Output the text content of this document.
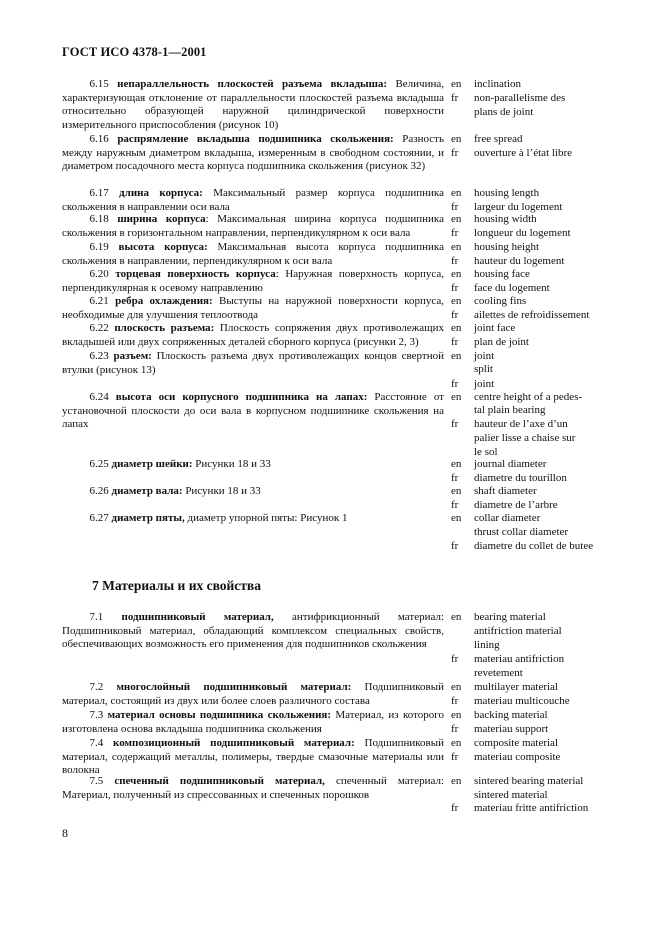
ГОСТ ИСО 4378-1—2001
7 Материалы и их свойства
   6.15 непараллельность плоскостей разъема вкладыша: Величина, характеризующая отклонение от параллельности плоскостей разъема вкладыша относительно образующей наружной цилиндрической поверхности измерительного приспособления (рисунок 10)
en	inclination
fr	non-parallelisme des
plans de joint
   6.16 распрямление вкладыша подшипника скольжения: Разность между наружным диаметром вкладыша, измеренным в свободном состоянии, и диаметром посадочного места корпуса подшипника скольжения (рисунок 32)
en	free spread
fr	ouverture à l’état libre
   6.17 длина корпуса: Максимальный размер корпуса подшипника скольжения в направлении оси вала
en	housing length
fr	largeur du logement
   6.18 ширина корпуса: Максимальная ширина корпуса подшипника скольжения в горизонтальном направлении, перпендикулярном к оси вала
en	housing width
fr	longueur du logement
   6.19 высота корпуса: Максимальная высота корпуса подшипника скольжения в направлении, перпендикулярном к оси вала
en	housing height
fr	hauteur du logement
   6.20 торцевая поверхность корпуса: Наружная поверхность корпуса, перпендикулярная к осевому направлению
en	housing face
fr	face du logement
   6.21 ребра охлаждения: Выступы на наружной поверхности корпуса, необходимые для улучшения теплоотвода
en	cooling fins
fr	ailettes de refroidissement
   6.22 плоскость разъема: Плоскость сопряжения двух противолежащих вкладышей или двух сопряженных деталей сборного корпуса (рисунки 2, 3)
en	joint face
fr	plan de joint
   6.23 разъем: Плоскость разъема двух противолежащих концов свертной втулки (рисунок 13)
en	joint
split
fr	joint
   6.24 высота оси корпусного подшипника на лапах: Расстояние от установочной плоскости до оси вала в корпусном подшипнике скольжения на лапах
en	centre height of a pedes-
tal plain bearing
fr	hauteur de l’axe d’un
palier lisse a chaise sur
le sol
   6.25 диаметр шейки: Рисунки 18 и 33	en	journal diameter
fr	diametre du tourillon
   6.26 диаметр вала: Рисунки 18 и 33	en	shaft diameter
fr	diametre de l’arbre
   6.27 диаметр пяты, диаметр упорной пяты: Рисунок 1	en	collar diameter
thrust collar diameter
fr	diametre du collet de butee
   7.1 подшипниковый материал, антифрикционный материал: Подшипниковый материал, обладающий комплексом специальных свойств, обеспечивающих возможность его применения для подшипников скольжения
en	bearing material
antifriction material
lining
fr	materiau antifriction
revetement
   7.2 многослойный подшипниковый материал: Подшипниковый материал, состоящий из двух или более слоев различного состава
en	multilayer material
fr	materiau multicouche
   7.3 материал основы подшипника скольжения: Материал, из которого изготовлена основа вкладыша подшипника скольжения
en	backing material
fr	materiau support
   7.4 композиционный подшипниковый материал: Подшипниковый материал, содержащий металлы, полимеры, твердые смазочные материалы или волокна
en	composite material
fr	materiau composite
   7.5 спеченный подшипниковый материал, спеченный материал: Материал, полученный из спрессованных и спеченных порошков
en	sintered bearing material
sintered material
fr	materiau fritte antifriction
8
